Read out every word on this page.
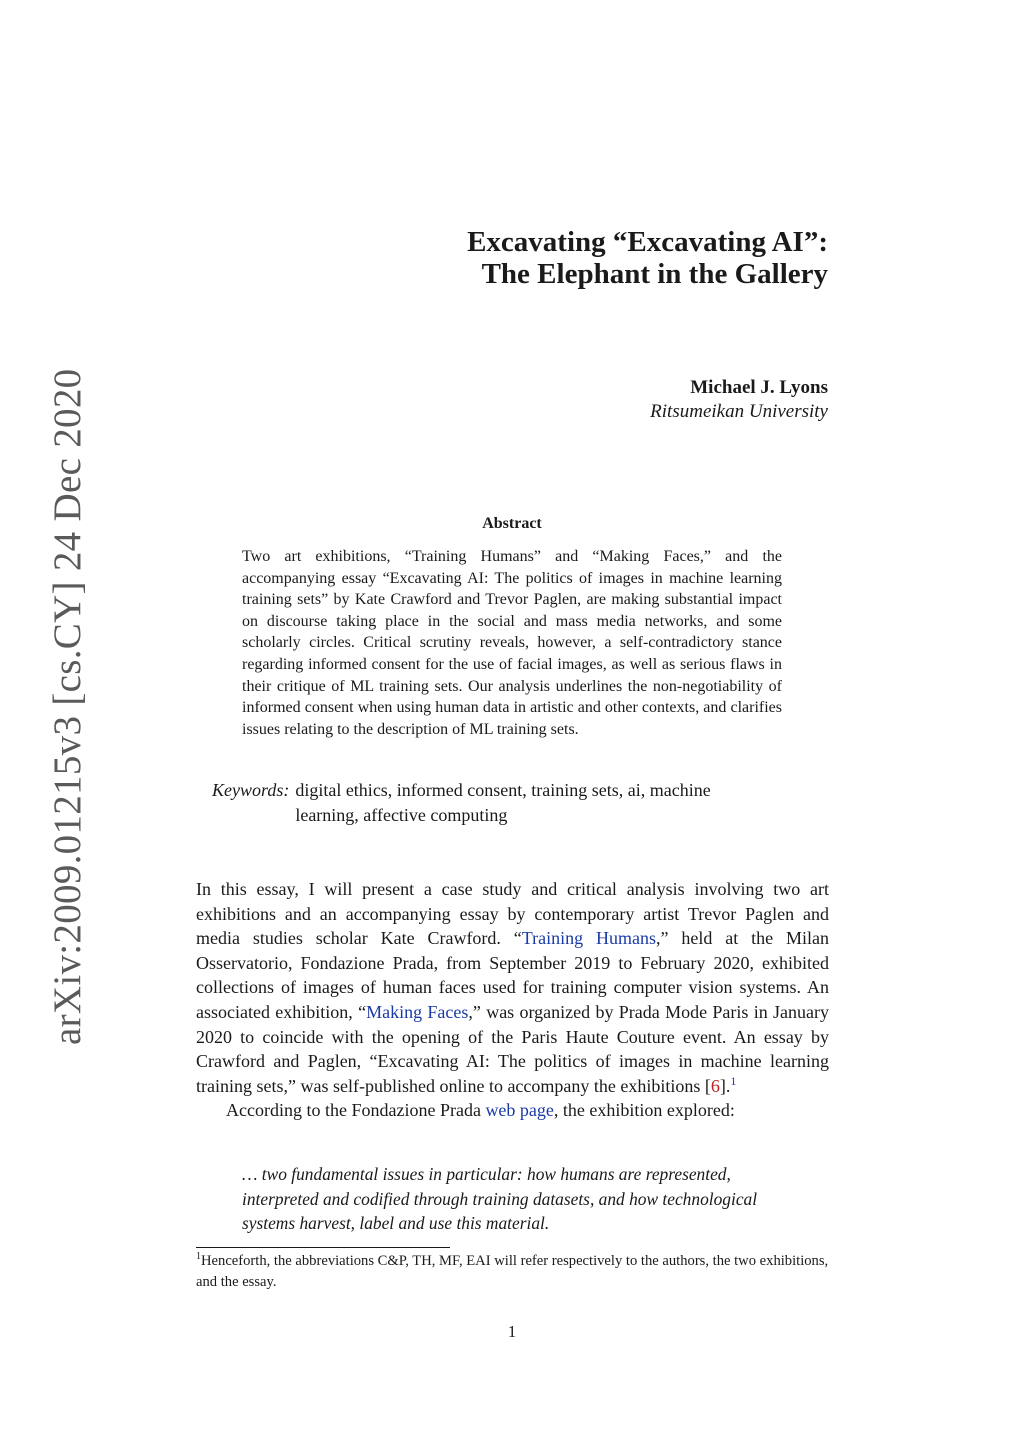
arXiv:2009.01215v3 [cs.CY] 24 Dec 2020
Excavating “Excavating AI”:
The Elephant in the Gallery
Michael J. Lyons
Ritsumeikan University
Abstract
Two art exhibitions, “Training Humans” and “Making Faces,” and the accompanying essay “Excavating AI: The politics of images in machine learning training sets” by Kate Crawford and Trevor Paglen, are making substantial impact on discourse taking place in the social and mass media networks, and some scholarly circles. Critical scrutiny reveals, however, a self-contradictory stance regarding informed consent for the use of facial images, as well as serious flaws in their critique of ML training sets. Our analysis underlines the non-negotiability of informed consent when using human data in artistic and other contexts, and clarifies issues relating to the description of ML training sets.
Keywords: digital ethics, informed consent, training sets, ai, machine learning, affective computing

In this essay, I will present a case study and critical analysis involving two art exhibitions and an accompanying essay by contemporary artist Trevor Paglen and media studies scholar Kate Crawford. “Training Humans,” held at the Milan Osservatorio, Fondazione Prada, from September 2019 to February 2020, exhibited collections of images of human faces used for training computer vision systems. An associated exhibition, “Making Faces,” was organized by Prada Mode Paris in January 2020 to coincide with the opening of the Paris Haute Couture event. An essay by Crawford and Paglen, “Excavating AI: The politics of images in machine learning training sets,” was self-published online to accompany the exhibitions [6].$^1$

According to the Fondazione Prada web page, the exhibition explored:

… two fundamental issues in particular: how humans are represented, interpreted and codified through training datasets, and how technological systems harvest, label and use this material.
$^1$Henceforth, the abbreviations C&P, TH, MF, EAI will refer respectively to the authors, the two exhibitions, and the essay.
1
